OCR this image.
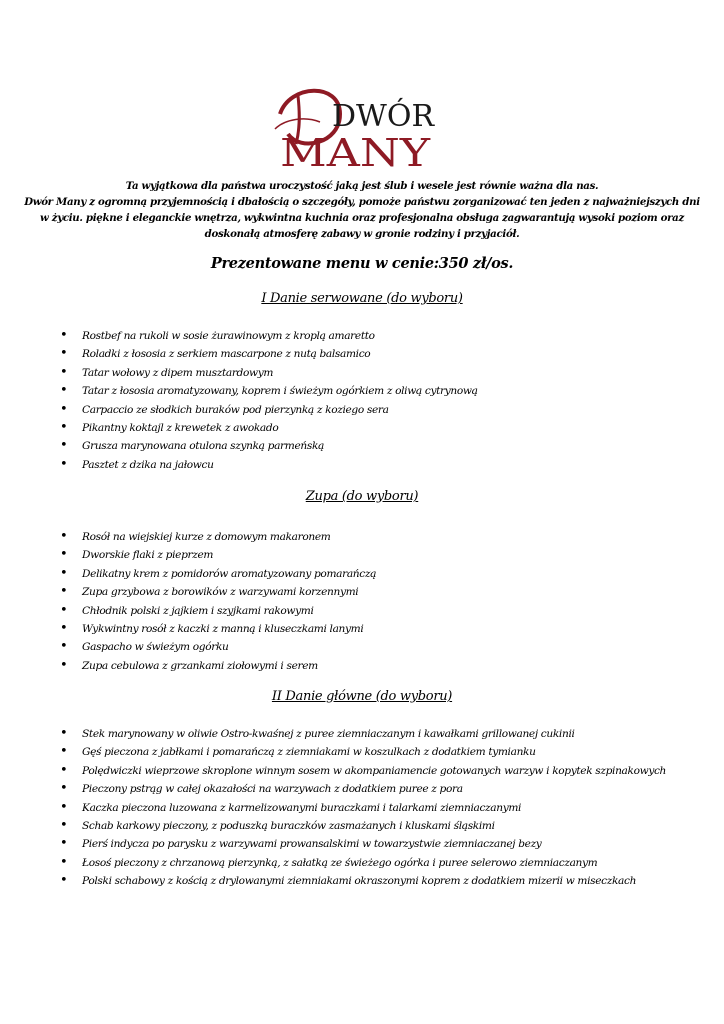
DWÓR
MANY

Ta wyjątkowa dla państwa uroczystość jaką jest ślub i wesele jest równie ważna dla nas.

Dwór Many z ogromną przyjemnością i dbałością o szczegóły, pomoże państwu zorganizować ten jeden z najważniejszych dni w życiu. piękne i eleganckie wnętrza, wykwintna kuchnia oraz profesjonalna obsługa zagwarantują wysoki poziom oraz doskonałą atmosferę zabawy w gronie rodziny i przyjaciół.

Prezentowane menu w cenie:350 zł/os.
I Danie serwowane (do wyboru)
• Rostbef na rukoli w sosie żurawinowym z kroplą amaretto
• Roladki z łososia z serkiem mascarpone z nutą balsamico
• Tatar wołowy z dipem musztardowym
• Tatar z łososia aromatyzowany, koprem i świeżym ogórkiem z oliwą cytrynową
• Carpaccio ze słodkich buraków pod pierzynką z koziego sera
• Pikantny koktajl z krewetek z awokado
• Grusza marynowana otulona szynką parmeńską
• Pasztet z dzika na jałowcu
Zupa (do wyboru)
• Rosół na wiejskiej kurze z domowym makaronem
• Dworskie flaki z pieprzem
• Delikatny krem z pomidorów aromatyzowany pomarańczą
• Zupa grzybowa z borowików z warzywami korzennymi
• Chłodnik polski z jajkiem i szyjkami rakowymi
• Wykwintny rosół z kaczki z manną i kluseczkami lanymi
• Gaspacho w świeżym ogórku
• Zupa cebulowa z grzankami ziołowymi i serem
II Danie główne (do wyboru)
• Stek marynowany w oliwie Ostro-kwaśnej z puree ziemniaczanym i kawałkami grillowanej cukinii
• Gęś pieczona z jabłkami i pomarańczą z ziemniakami w koszulkach z dodatkiem tymianku
• Polędwiczki wieprzowe skroplone winnym sosem w akompaniamencie gotowanych warzyw i kopytek szpinakowych
• Pieczony pstrąg w całej okazałości na warzywach z dodatkiem puree z pora
• Kaczka pieczona luzowana z karmelizowanymi buraczkami i talarkami ziemniaczanymi
• Schab karkowy pieczony, z poduszką buraczków zasmażanych i kluskami śląskimi
• Pierś indycza po parysku z warzywami prowansalskimi w towarzystwie ziemniaczanej bezy
• Łosoś pieczony z chrzanową pierzynką, z sałatką ze świeżego ogórka i puree selerowo ziemniaczanym
• Polski schabowy z kością z drylowanymi ziemniakami okraszonymi koprem z dodatkiem mizerii w miseczkach
